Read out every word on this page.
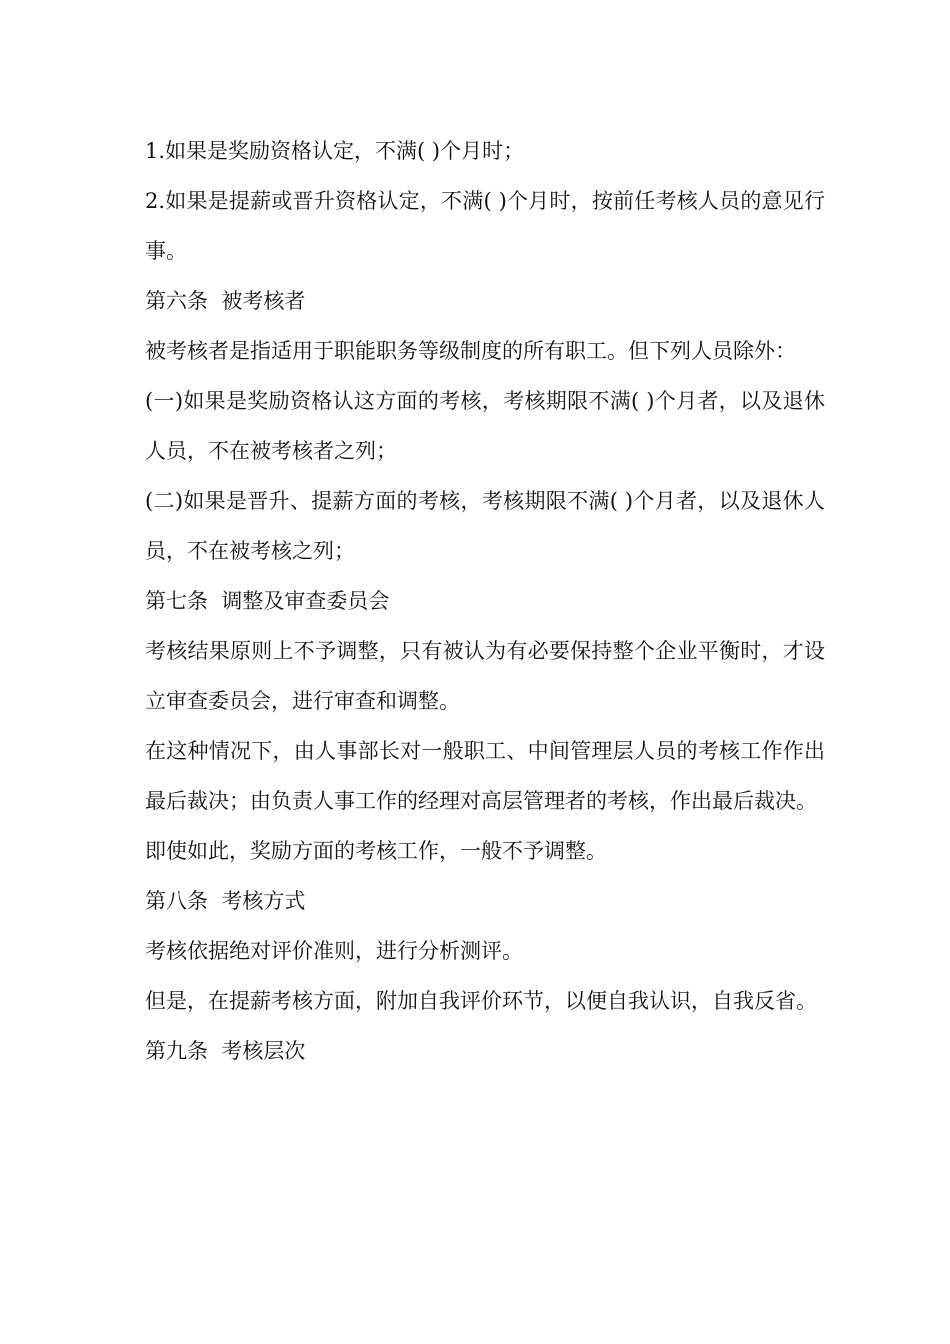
1.如果是奖励资格认定，不满( )个月时；

2.如果是提薪或晋升资格认定，不满( )个月时，按前任考核人员的意见行事。

第六条  被考核者

被考核者是指适用于职能职务等级制度的所有职工。但下列人员除外：

(一)如果是奖励资格认这方面的考核，考核期限不满( )个月者，以及退休人员，不在被考核者之列；

(二)如果是晋升、提薪方面的考核，考核期限不满( )个月者，以及退休人员，不在被考核之列；

第七条  调整及审查委员会

考核结果原则上不予调整，只有被认为有必要保持整个企业平衡时，才设立审查委员会，进行审查和调整。

在这种情况下，由人事部长对一般职工、中间管理层人员的考核工作作出最后裁决；由负责人事工作的经理对高层管理者的考核，作出最后裁决。

即使如此，奖励方面的考核工作，一般不予调整。

第八条  考核方式

考核依据绝对评价准则，进行分析测评。

但是，在提薪考核方面，附加自我评价环节，以便自我认识，自我反省。

第九条  考核层次
